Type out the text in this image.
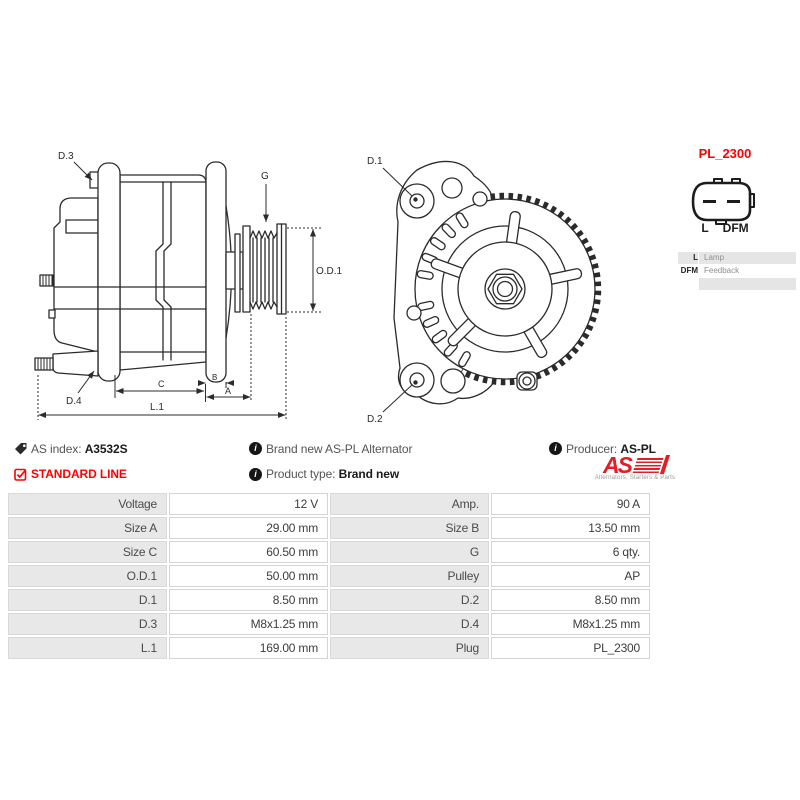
D.3
D.4
G
O.D.1
C
B
A
L.1
D.1
D.2
PL_2300
L DFM
L Lamp
DFM Feedback
AS index: A3532S	i Brand new AS-PL Alternator	i Producer: AS-PL
STANDARD LINE	i Product type: Brand new	AS
Alternators, Starters & Parts
Voltage	12 V	Amp.	90 A
Size A	29.00 mm	Size B	13.50 mm
Size C	60.50 mm	G	6 qty.
O.D.1	50.00 mm	Pulley	AP
D.1	8.50 mm	D.2	8.50 mm
D.3	M8x1.25 mm	D.4	M8x1.25 mm
L.1	169.00 mm	Plug	PL_2300
